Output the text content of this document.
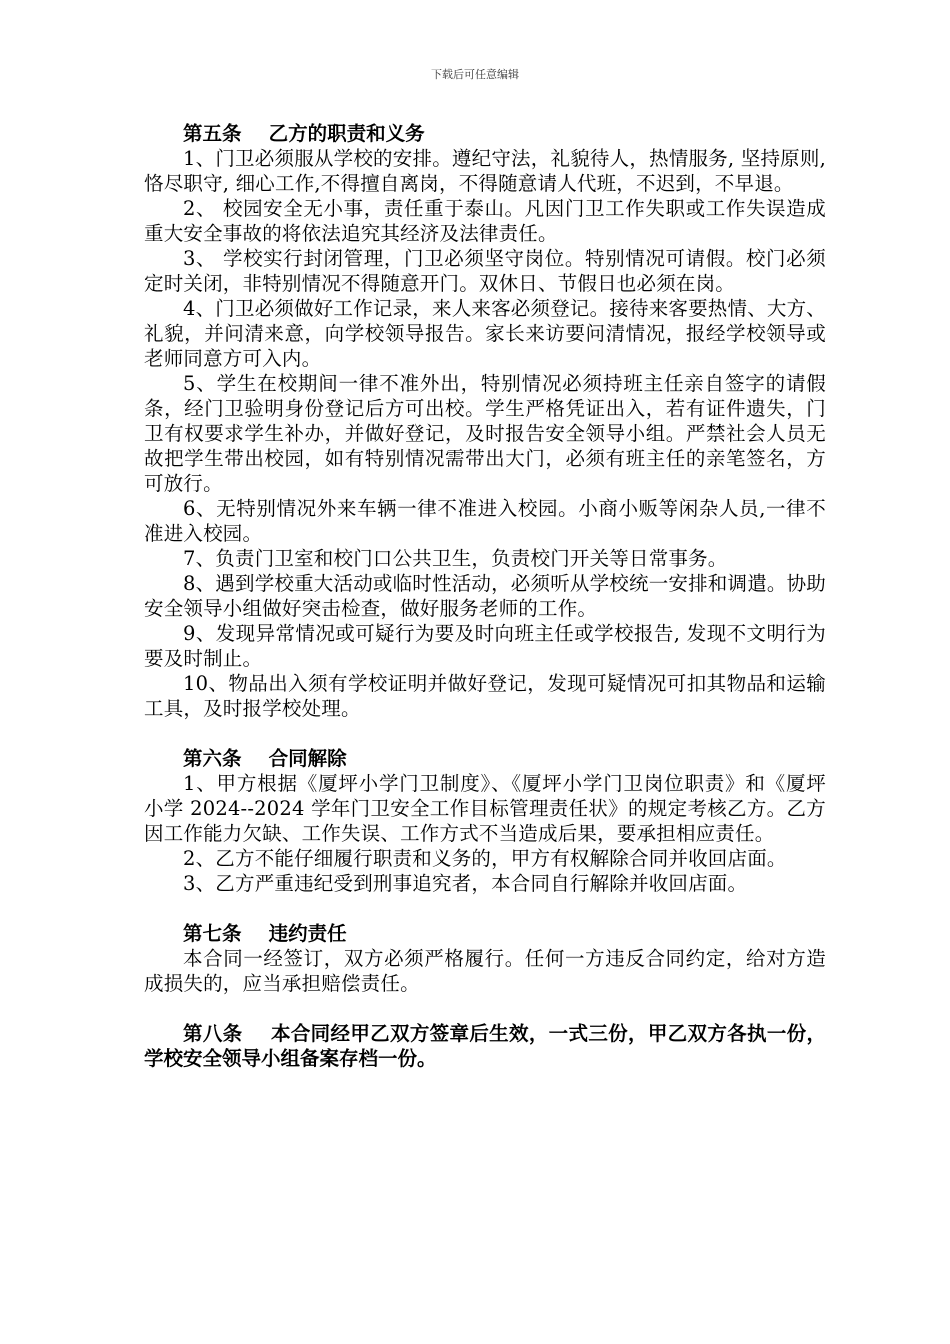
下载后可任意编辑

第五条    乙方的职责和义务

1、门卫必须服从学校的安排。遵纪守法，礼貌待人，热情服务, 坚持原则, 恪尽职守, 细心工作,不得擅自离岗，不得随意请人代班，不迟到，不早退。

2、 校园安全无小事，责任重于泰山。凡因门卫工作失职或工作失误造成重大安全事故的将依法追究其经济及法律责任。

3、 学校实行封闭管理，门卫必须坚守岗位。特别情况可请假。校门必须定时关闭，非特别情况不得随意开门。双休日、节假日也必须在岗。

4、门卫必须做好工作记录，来人来客必须登记。接待来客要热情、大方、礼貌，并问清来意，向学校领导报告。家长来访要问清情况，报经学校领导或老师同意方可入内。

5、学生在校期间一律不准外出，特别情况必须持班主任亲自签字的请假条，经门卫验明身份登记后方可出校。学生严格凭证出入，若有证件遗失，门卫有权要求学生补办，并做好登记，及时报告安全领导小组。严禁社会人员无故把学生带出校园，如有特别情况需带出大门，必须有班主任的亲笔签名，方可放行。

6、无特别情况外来车辆一律不准进入校园。小商小贩等闲杂人员,一律不准进入校园。

7、负责门卫室和校门口公共卫生，负责校门开关等日常事务。

8、遇到学校重大活动或临时性活动，必须听从学校统一安排和调遣。协助安全领导小组做好突击检查，做好服务老师的工作。

9、发现异常情况或可疑行为要及时向班主任或学校报告, 发现不文明行为要及时制止。

10、物品出入须有学校证明并做好登记，发现可疑情况可扣其物品和运输工具，及时报学校处理。

第六条    合同解除

1、甲方根据《厦坪小学门卫制度》、《厦坪小学门卫岗位职责》和《厦坪小学 2024--2024 学年门卫安全工作目标管理责任状》的规定考核乙方。乙方因工作能力欠缺、工作失误、工作方式不当造成后果，要承担相应责任。

2、乙方不能仔细履行职责和义务的，甲方有权解除合同并收回店面。

3、乙方严重违纪受到刑事追究者，本合同自行解除并收回店面。

第七条    违约责任

本合同一经签订，双方必须严格履行。任何一方违反合同约定，给对方造成损失的，应当承担赔偿责任。

第八条    本合同经甲乙双方签章后生效，一式三份，甲乙双方各执一份，学校安全领导小组备案存档一份。
